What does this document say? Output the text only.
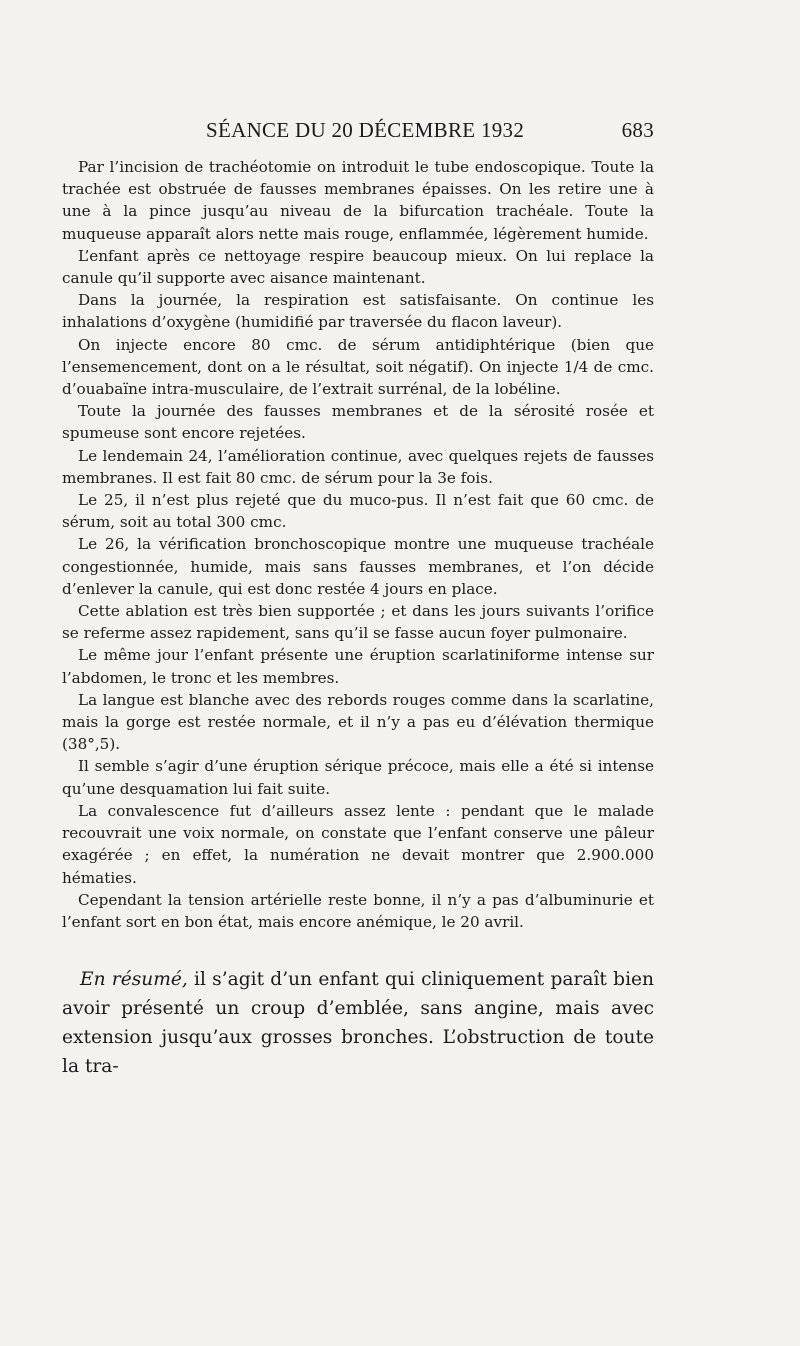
SÉANCE DU 20 DÉCEMBRE 1932	683

Par l’incision de trachéotomie on introduit le tube endoscopique. Toute la trachée est obstruée de fausses membranes épaisses. On les retire une à une à la pince jusqu’au niveau de la bifurcation trachéale. Toute la muqueuse apparaît alors nette mais rouge, enflammée, légèrement humide.

L’enfant après ce nettoyage respire beaucoup mieux. On lui replace la canule qu’il supporte avec aisance maintenant.

Dans la journée, la respiration est satisfaisante. On continue les inhalations d’oxygène (humidifié par traversée du flacon laveur).

On injecte encore 80 cmc. de sérum antidiphtérique (bien que l’ensemencement, dont on a le résultat, soit négatif). On injecte 1/4 de cmc. d’ouabaïne intra-musculaire, de l’extrait surrénal, de la lobéline.

Toute la journée des fausses membranes et de la sérosité rosée et spumeuse sont encore rejetées.

Le lendemain 24, l’amélioration continue, avec quelques rejets de fausses membranes. Il est fait 80 cmc. de sérum pour la 3e fois.

Le 25, il n’est plus rejeté que du muco-pus. Il n’est fait que 60 cmc. de sérum, soit au total 300 cmc.

Le 26, la vérification bronchoscopique montre une muqueuse trachéale congestionnée, humide, mais sans fausses membranes, et l’on décide d’enlever la canule, qui est donc restée 4 jours en place.

Cette ablation est très bien supportée ; et dans les jours suivants l’orifice se referme assez rapidement, sans qu’il se fasse aucun foyer pulmonaire.

Le même jour l’enfant présente une éruption scarlatiniforme intense sur l’abdomen, le tronc et les membres.

La langue est blanche avec des rebords rouges comme dans la scarlatine, mais la gorge est restée normale, et il n’y a pas eu d’élévation thermique (38°,5).

Il semble s’agir d’une éruption sérique précoce, mais elle a été si intense qu’une desquamation lui fait suite.

La convalescence fut d’ailleurs assez lente : pendant que le malade recouvrait une voix normale, on constate que l’enfant conserve une pâleur exagérée ; en effet, la numération ne devait montrer que 2.900.000 hématies.

Cependant la tension artérielle reste bonne, il n’y a pas d’albuminurie et l’enfant sort en bon état, mais encore anémique, le 20 avril.

En résumé, il s’agit d’un enfant qui cliniquement paraît bien avoir présenté un croup d’emblée, sans angine, mais avec extension jusqu’aux grosses bronches. L’obstruction de toute la tra-
